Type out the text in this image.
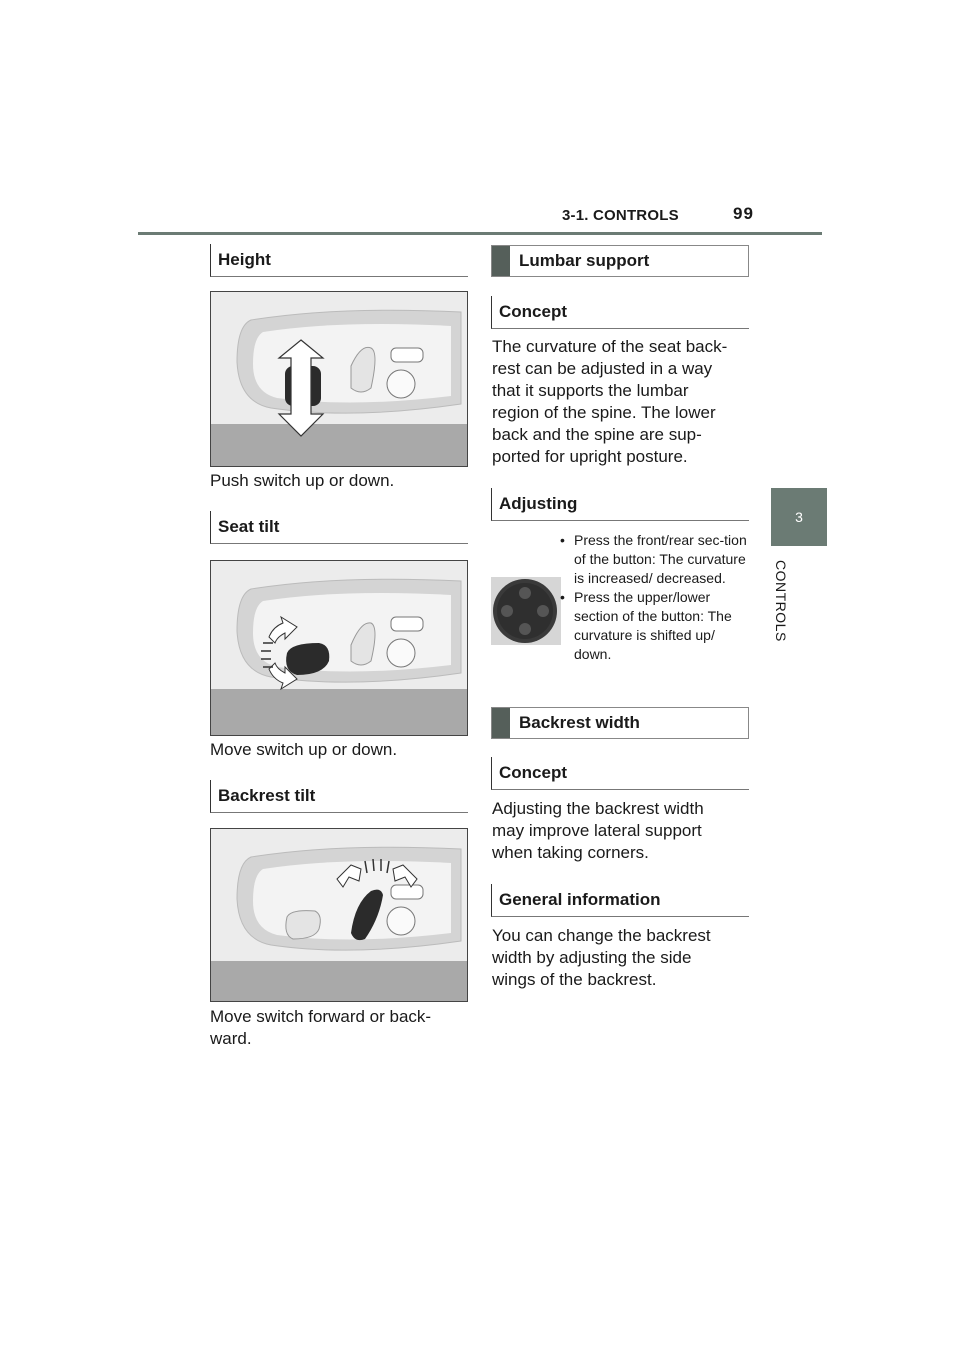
3-1. CONTROLS	99
3
CONTROLS
Height
Push switch up or down.
Seat tilt
Move switch up or down.
Backrest tilt
Move switch forward or back-ward.
Lumbar support
Concept
The curvature of the seat back-rest can be adjusted in a way that it supports the lumbar region of the spine. The lower back and the spine are sup-ported for upright posture.
Adjusting
• Press the front/rear sec-tion of the button: The curvature is increased/ decreased.
• Press the upper/lower section of the button: The curvature is shifted up/ down.
Backrest width
Concept
Adjusting the backrest width may improve lateral support when taking corners.
General information
You can change the backrest width by adjusting the side wings of the backrest.
